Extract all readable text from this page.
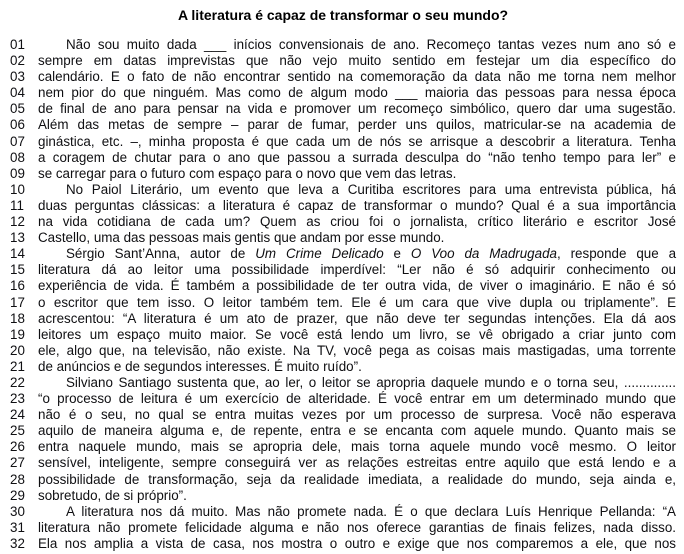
A literatura é capaz de transformar o seu mundo?
01	Não sou muito dada ___ inícios convensionais de ano. Recomeço tantas vezes num ano só e
02 sempre em datas imprevistas que não vejo muito sentido em festejar um dia específico do
03 calendário. E o fato de não encontrar sentido na comemoração da data não me torna nem melhor
04 nem pior do que ninguém. Mas como de algum modo ___ maioria das pessoas para nessa época
05 de final de ano para pensar na vida e promover um recomeço simbólico, quero dar uma sugestão.
06 Além das metas de sempre – parar de fumar, perder uns quilos, matricular-se na academia de
07 ginástica, etc. –, minha proposta é que cada um de nós se arrisque a descobrir a literatura. Tenha
08 a coragem de chutar para o ano que passou a surrada desculpa do “não tenho tempo para ler” e
09 se carregar para o futuro com espaço para o novo que vem das letras.
10	No Paiol Literário, um evento que leva a Curitiba escritores para uma entrevista pública, há
11	duas perguntas clássicas: a literatura é capaz de transformar o mundo? Qual é a sua importância
12 na vida cotidiana de cada um? Quem as criou foi o jornalista, crítico literário e escritor José
13 Castello, uma das pessoas mais gentis que andam por esse mundo.
14	Sérgio Sant’Anna, autor de Um Crime Delicado e O Voo da Madrugada, responde que a
15 literatura dá ao leitor uma possibilidade imperdível: “Ler não é só adquirir conhecimento ou
16 experiência de vida. É também a possibilidade de ter outra vida, de viver o imaginário. E não é só
17 o escritor que tem isso. O leitor também tem. Ele é um cara que vive dupla ou triplamente”. E
18 acrescentou: “A literatura é um ato de prazer, que não deve ter segundas intenções. Ela dá aos
19 leitores um espaço muito maior. Se você está lendo um livro, se vê obrigado a criar junto com
20 ele, algo que, na televisão, não existe. Na TV, você pega as coisas mais mastigadas, uma torrente
21 de anúncios e de segundos interesses. É muito ruído”.
22	Silviano Santiago sustenta que, ao ler, o leitor se apropria daquele mundo e o torna seu, ..............
23 “o processo de leitura é um exercício de alteridade. É você entrar em um determinado mundo que
24 não é o seu, no qual se entra muitas vezes por um processo de surpresa. Você não esperava
25 aquilo de maneira alguma e, de repente, entra e se encanta com aquele mundo. Quanto mais se
26 entra naquele mundo, mais se apropria dele, mais torna aquele mundo você mesmo. O leitor
27 sensível, inteligente, sempre conseguirá ver as relações estreitas entre aquilo que está lendo e a
28 possibilidade de transformação, seja da realidade imediata, a realidade do mundo, seja ainda e,
29 sobretudo, de si próprio”.
30	A literatura nos dá muito. Mas não promete nada. É o que declara Luís Henrique Pellanda: “A
31 literatura não promete felicidade alguma e não nos oferece garantias de finais felizes, nada disso.
32 Ela nos amplia a vista de casa, nos mostra o outro e exige que nos comparemos a ele, que nos
